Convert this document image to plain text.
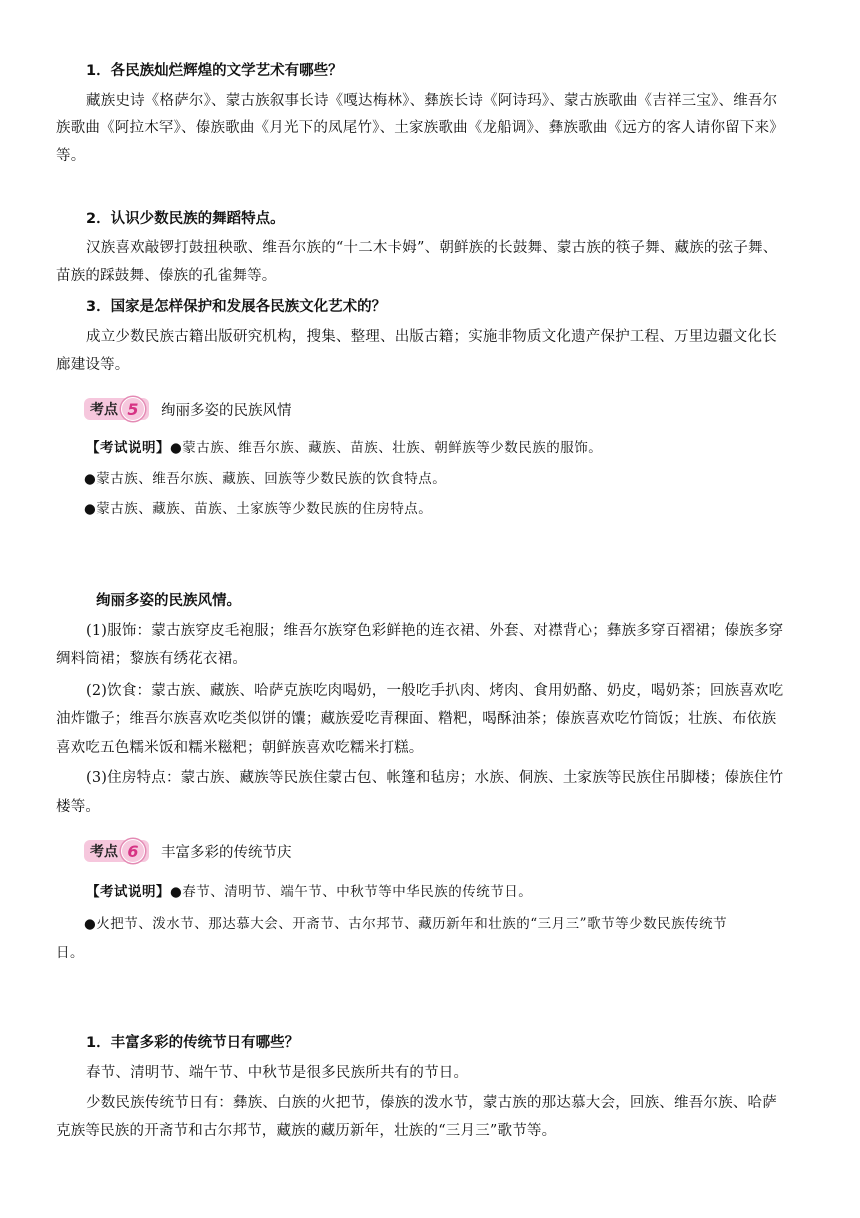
1．各民族灿烂辉煌的文学艺术有哪些？
藏族史诗《格萨尔》、蒙古族叙事长诗《嘎达梅林》、彝族长诗《阿诗玛》、蒙古族歌曲《吉祥三宝》、维吾尔
族歌曲《阿拉木罕》、傣族歌曲《月光下的凤尾竹》、土家族歌曲《龙船调》、彝族歌曲《远方的客人请你留下来》
等。
2．认识少数民族的舞蹈特点。
汉族喜欢敲锣打鼓扭秧歌、维吾尔族的“十二木卡姆”、朝鲜族的长鼓舞、蒙古族的筷子舞、藏族的弦子舞、
苗族的踩鼓舞、傣族的孔雀舞等。
3．国家是怎样保护和发展各民族文化艺术的？
成立少数民族古籍出版研究机构，搜集、整理、出版古籍；实施非物质文化遗产保护工程、万里边疆文化长
廊建设等。
考点 5	绚丽多姿的民族风情
【考试说明】●蒙古族、维吾尔族、藏族、苗族、壮族、朝鲜族等少数民族的服饰。
●蒙古族、维吾尔族、藏族、回族等少数民族的饮食特点。
●蒙古族、藏族、苗族、土家族等少数民族的住房特点。
绚丽多姿的民族风情。
(1)服饰：蒙古族穿皮毛袍服；维吾尔族穿色彩鲜艳的连衣裙、外套、对襟背心；彝族多穿百褶裙；傣族多穿
绸料筒裙；黎族有绣花衣裙。
(2)饮食：蒙古族、藏族、哈萨克族吃肉喝奶，一般吃手扒肉、烤肉、食用奶酪、奶皮，喝奶茶；回族喜欢吃
油炸馓子；维吾尔族喜欢吃类似饼的馕；藏族爱吃青稞面、糌粑，喝酥油茶；傣族喜欢吃竹筒饭；壮族、布依族
喜欢吃五色糯米饭和糯米糍粑；朝鲜族喜欢吃糯米打糕。
(3)住房特点：蒙古族、藏族等民族住蒙古包、帐篷和毡房；水族、侗族、土家族等民族住吊脚楼；傣族住竹
楼等。
考点 6	丰富多彩的传统节庆
【考试说明】●春节、清明节、端午节、中秋节等中华民族的传统节日。
●火把节、泼水节、那达慕大会、开斋节、古尔邦节、藏历新年和壮族的“三月三”歌节等少数民族传统节
日。
1．丰富多彩的传统节日有哪些？
春节、清明节、端午节、中秋节是很多民族所共有的节日。
少数民族传统节日有：彝族、白族的火把节，傣族的泼水节，蒙古族的那达慕大会，回族、维吾尔族、哈萨
克族等民族的开斋节和古尔邦节，藏族的藏历新年，壮族的“三月三”歌节等。
